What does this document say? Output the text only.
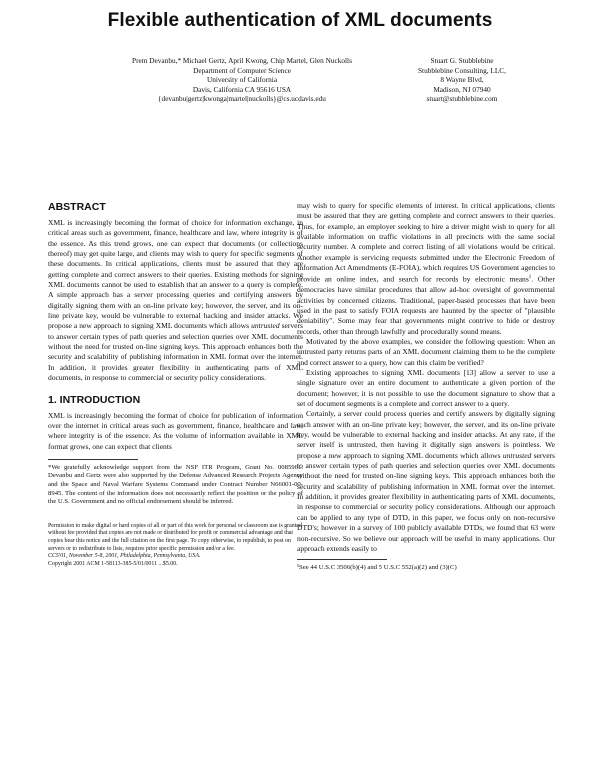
Flexible authentication of XML documents
Prem Devanbu,* Michael Gertz, April Kwong, Chip Martel, Glen Nuckolls
Department of Computer Science
University of California
Davis, California CA 95616 USA
{devanbu|gertz|kwonga|martel|nuckolls}@cs.ucdavis.edu
Stuart G. Stubblebine
Stubblebine Consulting, LLC,
8 Wayne Blvd,
Madison, NJ 07940
stuart@stubblebine.com
ABSTRACT

XML is increasingly becoming the format of choice for information exchange, in critical areas such as government, finance, healthcare and law, where integrity is of the essence. As this trend grows, one can expect that documents (or collections thereof) may get quite large, and clients may wish to query for specific segments of these documents. In critical applications, clients must be assured that they are getting complete and correct answers to their queries. Existing methods for signing XML documents cannot be used to establish that an answer to a query is complete. A simple approach has a server processing queries and certifying answers by digitally signing them with an on-line private key; however, the server, and its on-line private key, would be vulnerable to external hacking and insider attacks. We propose a new approach to signing XML documents which allows untrusted servers to answer certain types of path queries and selection queries over XML documents without the need for trusted on-line signing keys. This approach enhances both the security and scalability of publishing information in XML format over the internet. In addition, it provides greater flexibility in authenticating parts of XML documents, in response to commercial or security policy considerations.

1. INTRODUCTION

XML is increasingly becoming the format of choice for publication of information over the internet in critical areas such as government, finance, healthcare and law, where integrity is of the essence. As the volume of information available in XML format grows, one can expect that clients

*We gratefully acknowledge support from the NSF ITR Program, Grant No. 0085961. Devanbu and Gertz were also supported by the Defense Advanced Research Projects Agency and the Space and Naval Warfare Systems Command under Contract Number N66001-00-8945. The content of the information does not necessarily reflect the position or the policy of the U.S. Government and no official endorsement should be inferred.

Permission to make digital or hard copies of all or part of this work for personal or classroom use is granted without fee provided that copies are not made or distributed for profit or commercial advantage and that copies bear this notice and the full citation on the first page. To copy otherwise, to republish, to post on servers or to redistribute to lists, requires prior specific permission and/or a fee.

CCS'01, November 5-8, 2001, Philadelphia, Pennsylvania, USA.

Copyright 2001 ACM 1-58113-385-5/01/0011 ...$5.00.

may wish to query for specific elements of interest. In critical applications, clients must be assured that they are getting complete and correct answers to their queries. Thus, for example, an employer seeking to hire a driver might wish to query for all available information on traffic violations in all precincts with the same social security number. A complete and correct listing of all violations would be critical. Another example is servicing requests submitted under the Electronic Freedom of Information Act Amendments (E-FOIA), which requires US Government agencies to provide an online index, and search for records by electronic means$^1$. Other democracies have similar procedures that allow ad-hoc oversight of governmental activities by concerned citizens. Traditional, paper-based processes that have been used in the past to satisfy FOIA requests are haunted by the specter of "plausible deniability". Some may fear that governments might contrive to hide or destroy records, other than through lawfully and procedurally sound means.

Motivated by the above examples, we consider the following question: When an untrusted party returns parts of an XML document claiming them to be the complete and correct answer to a query, how can this claim be verified?

Existing approaches to signing XML documents [13] allow a server to use a single signature over an entire document to authenticate a given portion of the document; however, it is not possible to use the document signature to show that a set of document segments is a complete and correct answer to a query.

Certainly, a server could process queries and certify answers by digitally signing each answer with an on-line private key; however, the server, and its on-line private key, would be vulnerable to external hacking and insider attacks. At any rate, if the server itself is untrusted, then having it digitally sign answers is pointless. We propose a new approach to signing XML documents which allows untrusted servers to answer certain types of path queries and selection queries over XML documents without the need for trusted on-line signing keys. This approach enhances both the security and scalability of publishing information in XML format over the internet. In addition, it provides greater flexibility in authenticating parts of XML documents, in response to commercial or security policy considerations. Although our approach can be applied to any type of DTD, in this paper, we focus only on non-recursive DTD's; however in a survey of 100 publicly available DTDs, we found that 63 were non-recursive. So we believe our approach will be useful in many applications. Our approach extends easily to

¹See 44 U.S.C 3506(b)(4) and 5 U.S.C 552(a)(2) and (3)(C)
